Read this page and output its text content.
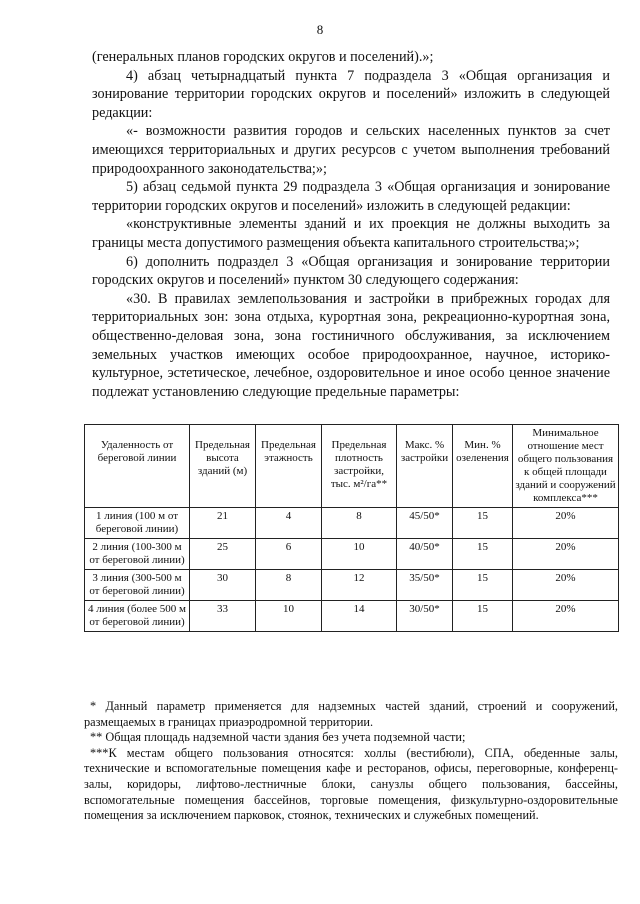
8

(генеральных планов городских округов и поселений).»;

4) абзац четырнадцатый пункта 7 подраздела 3 «Общая организация и зонирование территории городских округов и поселений» изложить в следующей редакции:

«- возможности развития городов и сельских населенных пунктов за счет имеющихся территориальных и других ресурсов с учетом выполнения требований природоохранного законодательства;»;

5) абзац седьмой пункта 29 подраздела 3 «Общая организация и зонирование территории городских округов и поселений» изложить в следующей редакции:

«конструктивные элементы зданий и их проекция не должны выходить за границы места допустимого размещения объекта капитального строительства;»;

6) дополнить подраздел 3 «Общая организация и зонирование территории городских округов и поселений» пунктом 30 следующего содержания:

«30. В правилах землепользования и застройки в прибрежных городах для территориальных зон: зона отдыха, курортная зона, рекреационно-курортная зона, общественно-деловая зона, зона гостиничного обслуживания, за исключением земельных участков имеющих особое природоохранное, научное, историко-культурное, эстетическое, лечебное, оздоровительное и иное особо ценное значение подлежат установлению следующие предельные параметры:

Удаленность от береговой линии	Предельная высота зданий (м)	Предельная этажность	Предельная плотность застройки, тыс. м²/га**	Макс. % застройки	Мин. % озеленения	Минимальное отношение мест общего пользования к общей площади зданий и сооружений комплекса***
1 линия (100 м от береговой линии)	21	4	8	45/50*	15	20%
2 линия (100-300 м от береговой линии)	25	6	10	40/50*	15	20%
3 линия (300-500 м от береговой линии)	30	8	12	35/50*	15	20%
4 линия (более 500 м от береговой линии)	33	10	14	30/50*	15	20%

* Данный параметр применяется для надземных частей зданий, строений и сооружений, размещаемых в границах приаэродромной территории.

** Общая площадь надземной части здания без учета подземной части;

***К местам общего пользования относятся: холлы (вестибюли), СПА, обеденные залы, технические и вспомогательные помещения кафе и ресторанов, офисы, переговорные, конференц-залы, коридоры, лифтово-лестничные блоки, санузлы общего пользования, бассейны, вспомогательные помещения бассейнов, торговые помещения, физкультурно-оздоровительные помещения за исключением парковок, стоянок, технических и служебных помещений.
